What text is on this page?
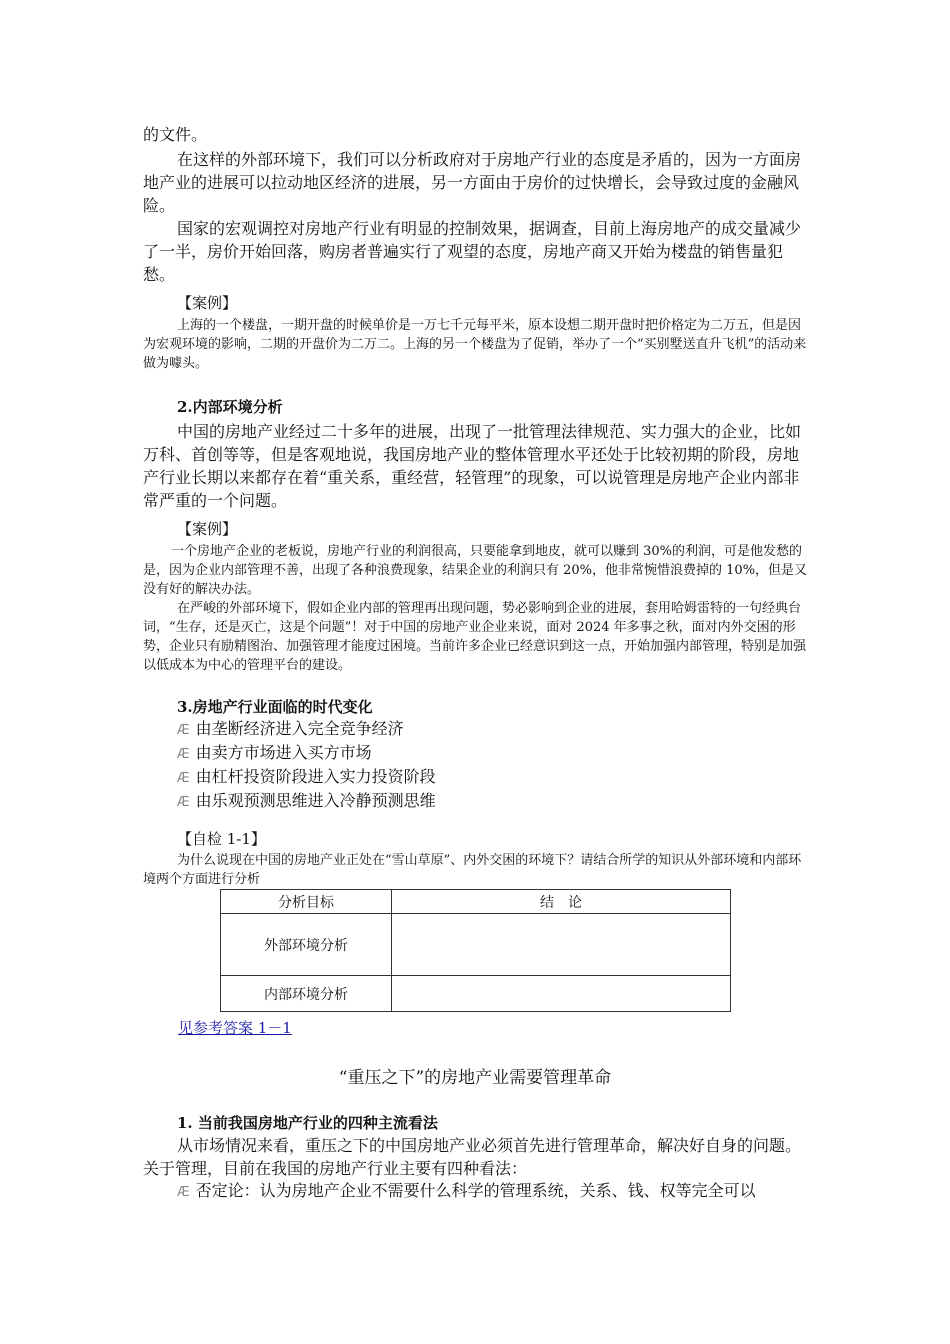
的文件。

在这样的外部环境下，我们可以分析政府对于房地产行业的态度是矛盾的，因为一方面房地产业的进展可以拉动地区经济的进展，另一方面由于房价的过快增长，会导致过度的金融风险。

国家的宏观调控对房地产行业有明显的控制效果，据调查，目前上海房地产的成交量减少了一半，房价开始回落，购房者普遍实行了观望的态度，房地产商又开始为楼盘的销售量犯愁。

【案例】

上海的一个楼盘，一期开盘的时候单价是一万七千元每平米，原本设想二期开盘时把价格定为二万五，但是因为宏观环境的影响，二期的开盘价为二万二。上海的另一个楼盘为了促销，举办了一个“买别墅送直升飞机”的活动来做为噱头。

2.内部环境分析

中国的房地产业经过二十多年的进展，出现了一批管理法律规范、实力强大的企业，比如万科、首创等等，但是客观地说，我国房地产业的整体管理水平还处于比较初期的阶段，房地产行业长期以来都存在着“重关系，重经营，轻管理”的现象，可以说管理是房地产企业内部非常严重的一个问题。

【案例】

一个房地产企业的老板说，房地产行业的利润很高，只要能拿到地皮，就可以赚到 30%的利润，可是他发愁的是，因为企业内部管理不善，出现了各种浪费现象，结果企业的利润只有 20%，他非常惋惜浪费掉的 10%，但是又没有好的解决办法。

在严峻的外部环境下，假如企业内部的管理再出现问题，势必影响到企业的进展，套用哈姆雷特的一句经典台词，“生存，还是灭亡，这是个问题”！对于中国的房地产业企业来说，面对 2024 年多事之秋，面对内外交困的形势，企业只有励精图治、加强管理才能度过困境。当前许多企业已经意识到这一点，开始加强内部管理，特别是加强以低成本为中心的管理平台的建设。

3.房地产行业面临的时代变化

Æ 由垄断经济进入完全竞争经济

Æ 由卖方市场进入买方市场

Æ 由杠杆投资阶段进入实力投资阶段

Æ 由乐观预测思维进入冷静预测思维

【自检 1-1】

为什么说现在中国的房地产业正处在“雪山草原”、内外交困的环境下？请结合所学的知识从外部环境和内部环境两个方面进行分析

分析目标	结　论
外部环境分析	
内部环境分析	
见参考答案 1－1
“重压之下”的房地产业需要管理革命

1. 当前我国房地产行业的四种主流看法

从市场情况来看，重压之下的中国房地产业必须首先进行管理革命，解决好自身的问题。关于管理，目前在我国的房地产行业主要有四种看法：

Æ 否定论：认为房地产企业不需要什么科学的管理系统，关系、钱、权等完全可以
